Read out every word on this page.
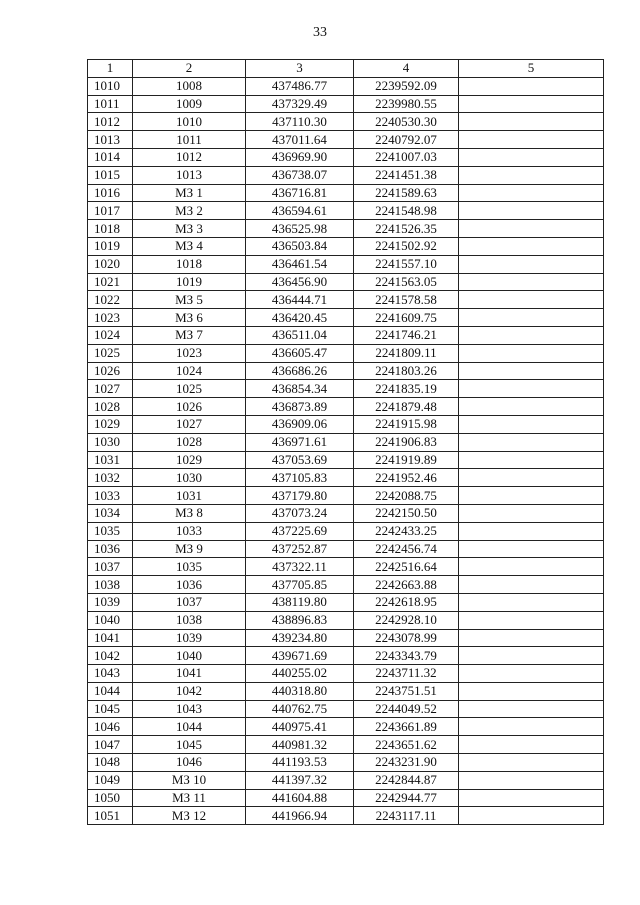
33
1	2	3	4	5
1010	1008	437486.77	2239592.09	
1011	1009	437329.49	2239980.55	
1012	1010	437110.30	2240530.30	
1013	1011	437011.64	2240792.07	
1014	1012	436969.90	2241007.03	
1015	1013	436738.07	2241451.38	
1016	МЗ 1	436716.81	2241589.63	
1017	МЗ 2	436594.61	2241548.98	
1018	МЗ 3	436525.98	2241526.35	
1019	МЗ 4	436503.84	2241502.92	
1020	1018	436461.54	2241557.10	
1021	1019	436456.90	2241563.05	
1022	МЗ 5	436444.71	2241578.58	
1023	МЗ 6	436420.45	2241609.75	
1024	МЗ 7	436511.04	2241746.21	
1025	1023	436605.47	2241809.11	
1026	1024	436686.26	2241803.26	
1027	1025	436854.34	2241835.19	
1028	1026	436873.89	2241879.48	
1029	1027	436909.06	2241915.98	
1030	1028	436971.61	2241906.83	
1031	1029	437053.69	2241919.89	
1032	1030	437105.83	2241952.46	
1033	1031	437179.80	2242088.75	
1034	МЗ 8	437073.24	2242150.50	
1035	1033	437225.69	2242433.25	
1036	МЗ 9	437252.87	2242456.74	
1037	1035	437322.11	2242516.64	
1038	1036	437705.85	2242663.88	
1039	1037	438119.80	2242618.95	
1040	1038	438896.83	2242928.10	
1041	1039	439234.80	2243078.99	
1042	1040	439671.69	2243343.79	
1043	1041	440255.02	2243711.32	
1044	1042	440318.80	2243751.51	
1045	1043	440762.75	2244049.52	
1046	1044	440975.41	2243661.89	
1047	1045	440981.32	2243651.62	
1048	1046	441193.53	2243231.90	
1049	МЗ 10	441397.32	2242844.87	
1050	МЗ 11	441604.88	2242944.77	
1051	МЗ 12	441966.94	2243117.11	
